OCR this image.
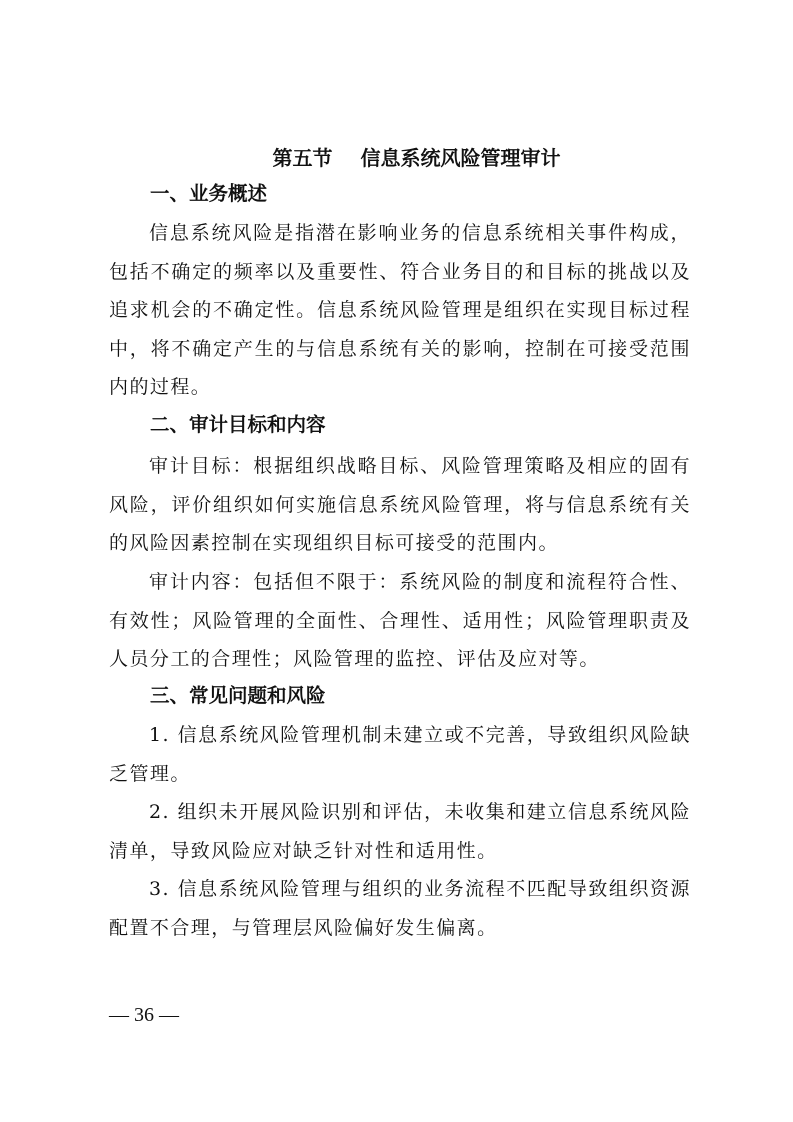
第五节 信息系统风险管理审计
一、业务概述
信息系统风险是指潜在影响业务的信息系统相关事件构成，包括不确定的频率以及重要性、符合业务目的和目标的挑战以及追求机会的不确定性。信息系统风险管理是组织在实现目标过程中，将不确定产生的与信息系统有关的影响，控制在可接受范围内的过程。
二、审计目标和内容
审计目标：根据组织战略目标、风险管理策略及相应的固有风险，评价组织如何实施信息系统风险管理，将与信息系统有关的风险因素控制在实现组织目标可接受的范围内。
审计内容：包括但不限于：系统风险的制度和流程符合性、有效性；风险管理的全面性、合理性、适用性；风险管理职责及人员分工的合理性；风险管理的监控、评估及应对等。
三、常见问题和风险
1. 信息系统风险管理机制未建立或不完善，导致组织风险缺乏管理。
2. 组织未开展风险识别和评估，未收集和建立信息系统风险清单，导致风险应对缺乏针对性和适用性。
3. 信息系统风险管理与组织的业务流程不匹配导致组织资源配置不合理，与管理层风险偏好发生偏离。
— 36 —
